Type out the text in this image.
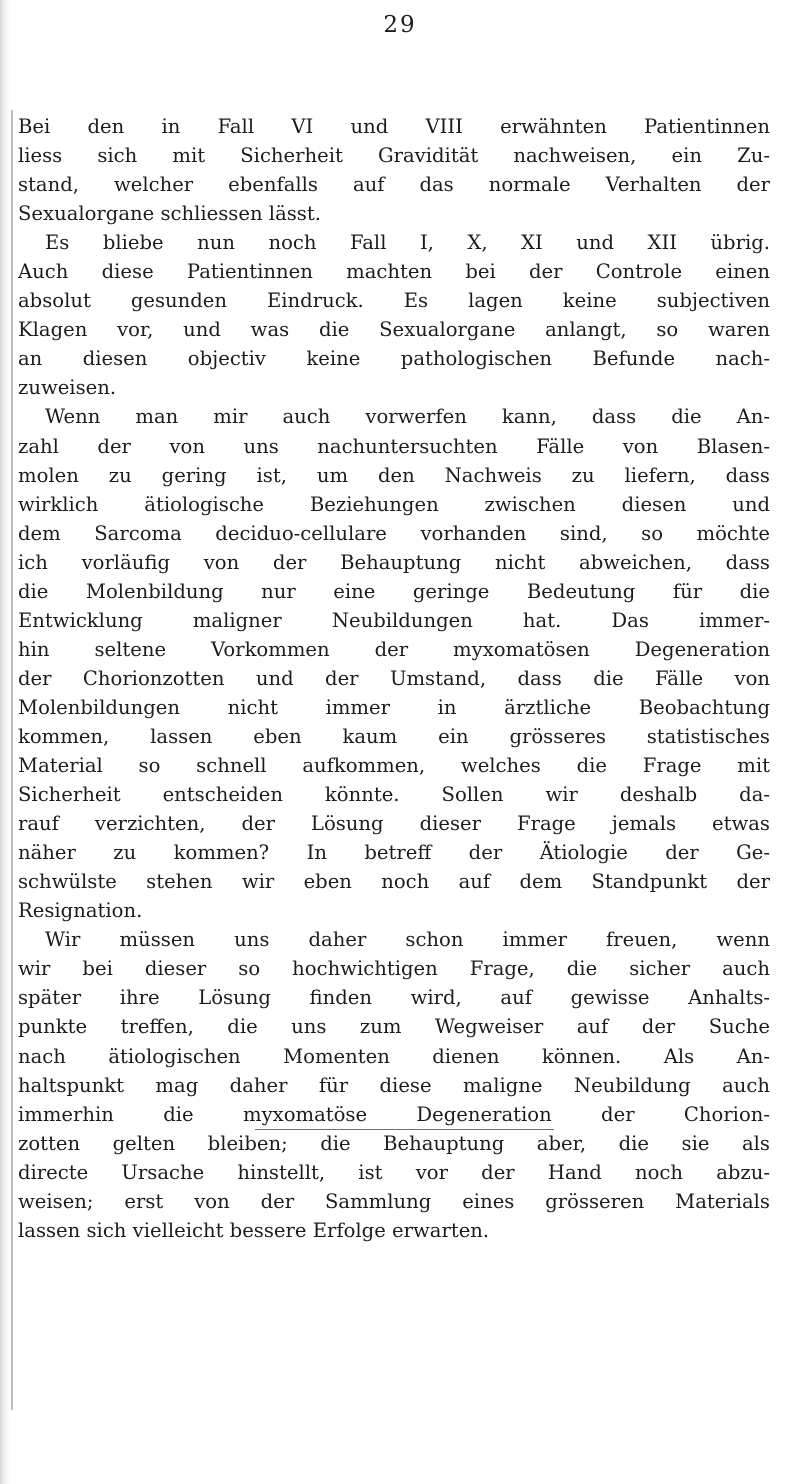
29
Bei den in Fall VI und VIII erwähnten Patientinnen
liess sich mit Sicherheit Gravidität nachweisen, ein Zu-
stand, welcher ebenfalls auf das normale Verhalten der
Sexualorgane schliessen lässt.
Es bliebe nun noch Fall I, X, XI und XII übrig.
Auch diese Patientinnen machten bei der Controle einen
absolut gesunden Eindruck. Es lagen keine subjectiven
Klagen vor, und was die Sexualorgane anlangt, so waren
an diesen objectiv keine pathologischen Befunde nach-
zuweisen.
Wenn man mir auch vorwerfen kann, dass die An-
zahl der von uns nachuntersuchten Fälle von Blasen-
molen zu gering ist, um den Nachweis zu liefern, dass
wirklich ätiologische Beziehungen zwischen diesen und
dem Sarcoma deciduo-cellulare vorhanden sind, so möchte
ich vorläufig von der Behauptung nicht abweichen, dass
die Molenbildung nur eine geringe Bedeutung für die
Entwicklung maligner Neubildungen hat. Das immer-
hin seltene Vorkommen der myxomatösen Degeneration
der Chorionzotten und der Umstand, dass die Fälle von
Molenbildungen nicht immer in ärztliche Beobachtung
kommen, lassen eben kaum ein grösseres statistisches
Material so schnell aufkommen, welches die Frage mit
Sicherheit entscheiden könnte. Sollen wir deshalb da-
rauf verzichten, der Lösung dieser Frage jemals etwas
näher zu kommen? In betreff der Ätiologie der Ge-
schwülste stehen wir eben noch auf dem Standpunkt der
Resignation.
Wir müssen uns daher schon immer freuen, wenn
wir bei dieser so hochwichtigen Frage, die sicher auch
später ihre Lösung finden wird, auf gewisse Anhalts-
punkte treffen, die uns zum Wegweiser auf der Suche
nach ätiologischen Momenten dienen können. Als An-
haltspunkt mag daher für diese maligne Neubildung auch
immerhin die myxomatöse Degeneration der Chorion-
zotten gelten bleiben; die Behauptung aber, die sie als
directe Ursache hinstellt, ist vor der Hand noch abzu-
weisen; erst von der Sammlung eines grösseren Materials
lassen sich vielleicht bessere Erfolge erwarten.
